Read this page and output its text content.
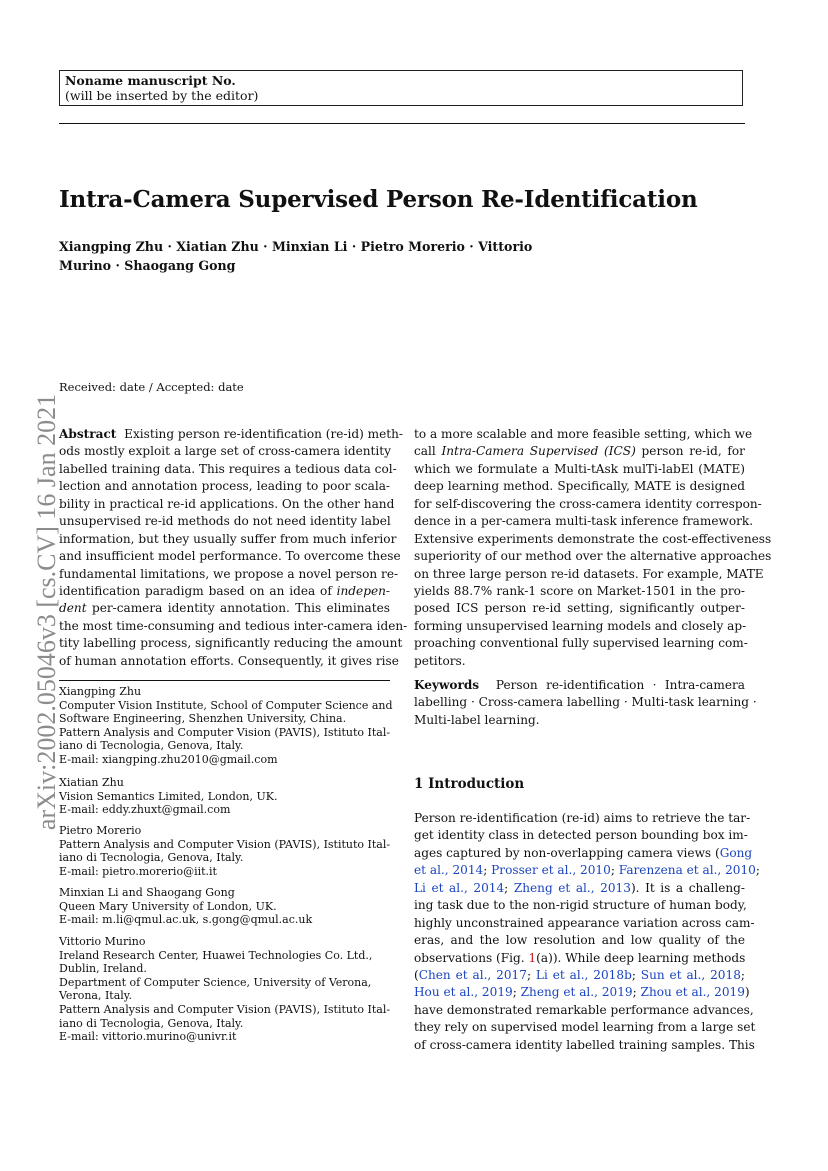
Noname manuscript No.
(will be inserted by the editor)
Intra-Camera Supervised Person Re-Identification
Xiangping Zhu · Xiatian Zhu · Minxian Li · Pietro Morerio · Vittorio
Murino · Shaogang Gong
arXiv:2002.05046v3 [cs.CV] 16 Jan 2021
Received: date / Accepted: date
Abstract Existing person re-identification (re-id) meth-
ods mostly exploit a large set of cross-camera identity
labelled training data. This requires a tedious data col-
lection and annotation process, leading to poor scala-
bility in practical re-id applications. On the other hand
unsupervised re-id methods do not need identity label
information, but they usually suffer from much inferior
and insufficient model performance. To overcome these
fundamental limitations, we propose a novel person re-
identification paradigm based on an idea of indepen-
dent per-camera identity annotation. This eliminates
the most time-consuming and tedious inter-camera iden-
tity labelling process, significantly reducing the amount
of human annotation efforts. Consequently, it gives rise
to a more scalable and more feasible setting, which we
call Intra-Camera Supervised (ICS) person re-id, for
which we formulate a Multi-tAsk mulTi-labEl (MATE)
deep learning method. Specifically, MATE is designed
for self-discovering the cross-camera identity correspon-
dence in a per-camera multi-task inference framework.
Extensive experiments demonstrate the cost-effectiveness
superiority of our method over the alternative approaches
on three large person re-id datasets. For example, MATE
yields 88.7% rank-1 score on Market-1501 in the pro-
posed ICS person re-id setting, significantly outper-
forming unsupervised learning models and closely ap-
proaching conventional fully supervised learning com-
petitors.
Keywords Person re-identification · Intra-camera
labelling · Cross-camera labelling · Multi-task learning ·
Multi-label learning.
Xiangping Zhu
Computer Vision Institute, School of Computer Science and
Software Engineering, Shenzhen University, China.
Pattern Analysis and Computer Vision (PAVIS), Istituto Ital-
iano di Tecnologia, Genova, Italy.
E-mail: xiangping.zhu2010@gmail.com
Xiatian Zhu
Vision Semantics Limited, London, UK.
E-mail: eddy.zhuxt@gmail.com
Pietro Morerio
Pattern Analysis and Computer Vision (PAVIS), Istituto Ital-
iano di Tecnologia, Genova, Italy.
E-mail: pietro.morerio@iit.it
Minxian Li and Shaogang Gong
Queen Mary University of London, UK.
E-mail: m.li@qmul.ac.uk, s.gong@qmul.ac.uk
Vittorio Murino
Ireland Research Center, Huawei Technologies Co. Ltd.,
Dublin, Ireland.
Department of Computer Science, University of Verona,
Verona, Italy.
Pattern Analysis and Computer Vision (PAVIS), Istituto Ital-
iano di Tecnologia, Genova, Italy.
E-mail: vittorio.murino@univr.it
1 Introduction
Person re-identification (re-id) aims to retrieve the tar-
get identity class in detected person bounding box im-
ages captured by non-overlapping camera views (Gong
et al., 2014; Prosser et al., 2010; Farenzena et al., 2010;
Li et al., 2014; Zheng et al., 2013). It is a challeng-
ing task due to the non-rigid structure of human body,
highly unconstrained appearance variation across cam-
eras, and the low resolution and low quality of the
observations (Fig. 1(a)). While deep learning methods
(Chen et al., 2017; Li et al., 2018b; Sun et al., 2018;
Hou et al., 2019; Zheng et al., 2019; Zhou et al., 2019)
have demonstrated remarkable performance advances,
they rely on supervised model learning from a large set
of cross-camera identity labelled training samples. This
